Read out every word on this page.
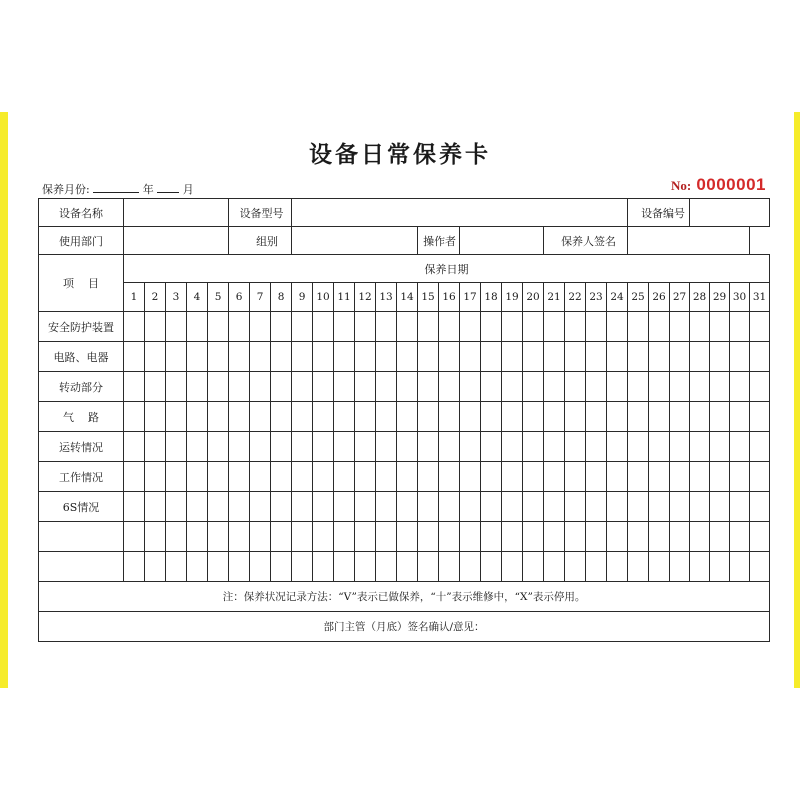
设备日常保养卡
保养月份:	年	月	No: 0000001
设备名称						设备型号																			设备编号						
使用部门						组别									操作者						保养人签名										
项    目	保养日期																														
	1	2	3	4	5	6	7	8	9	10	11	12	13	14	15	16	17	18	19	20	21	22	23	24	25	26	27	28	29	30	31
安全防护装置																															
电路、电器																															
转动部分																															
气    路																															
运转情况																															
工作情况																															
6S情况																															

注：保养状况记录方法：“V”表示已做保养，“十”表示维修中，“X”表示停用。																															
部门主管（月底）签名确认/意见：																															
